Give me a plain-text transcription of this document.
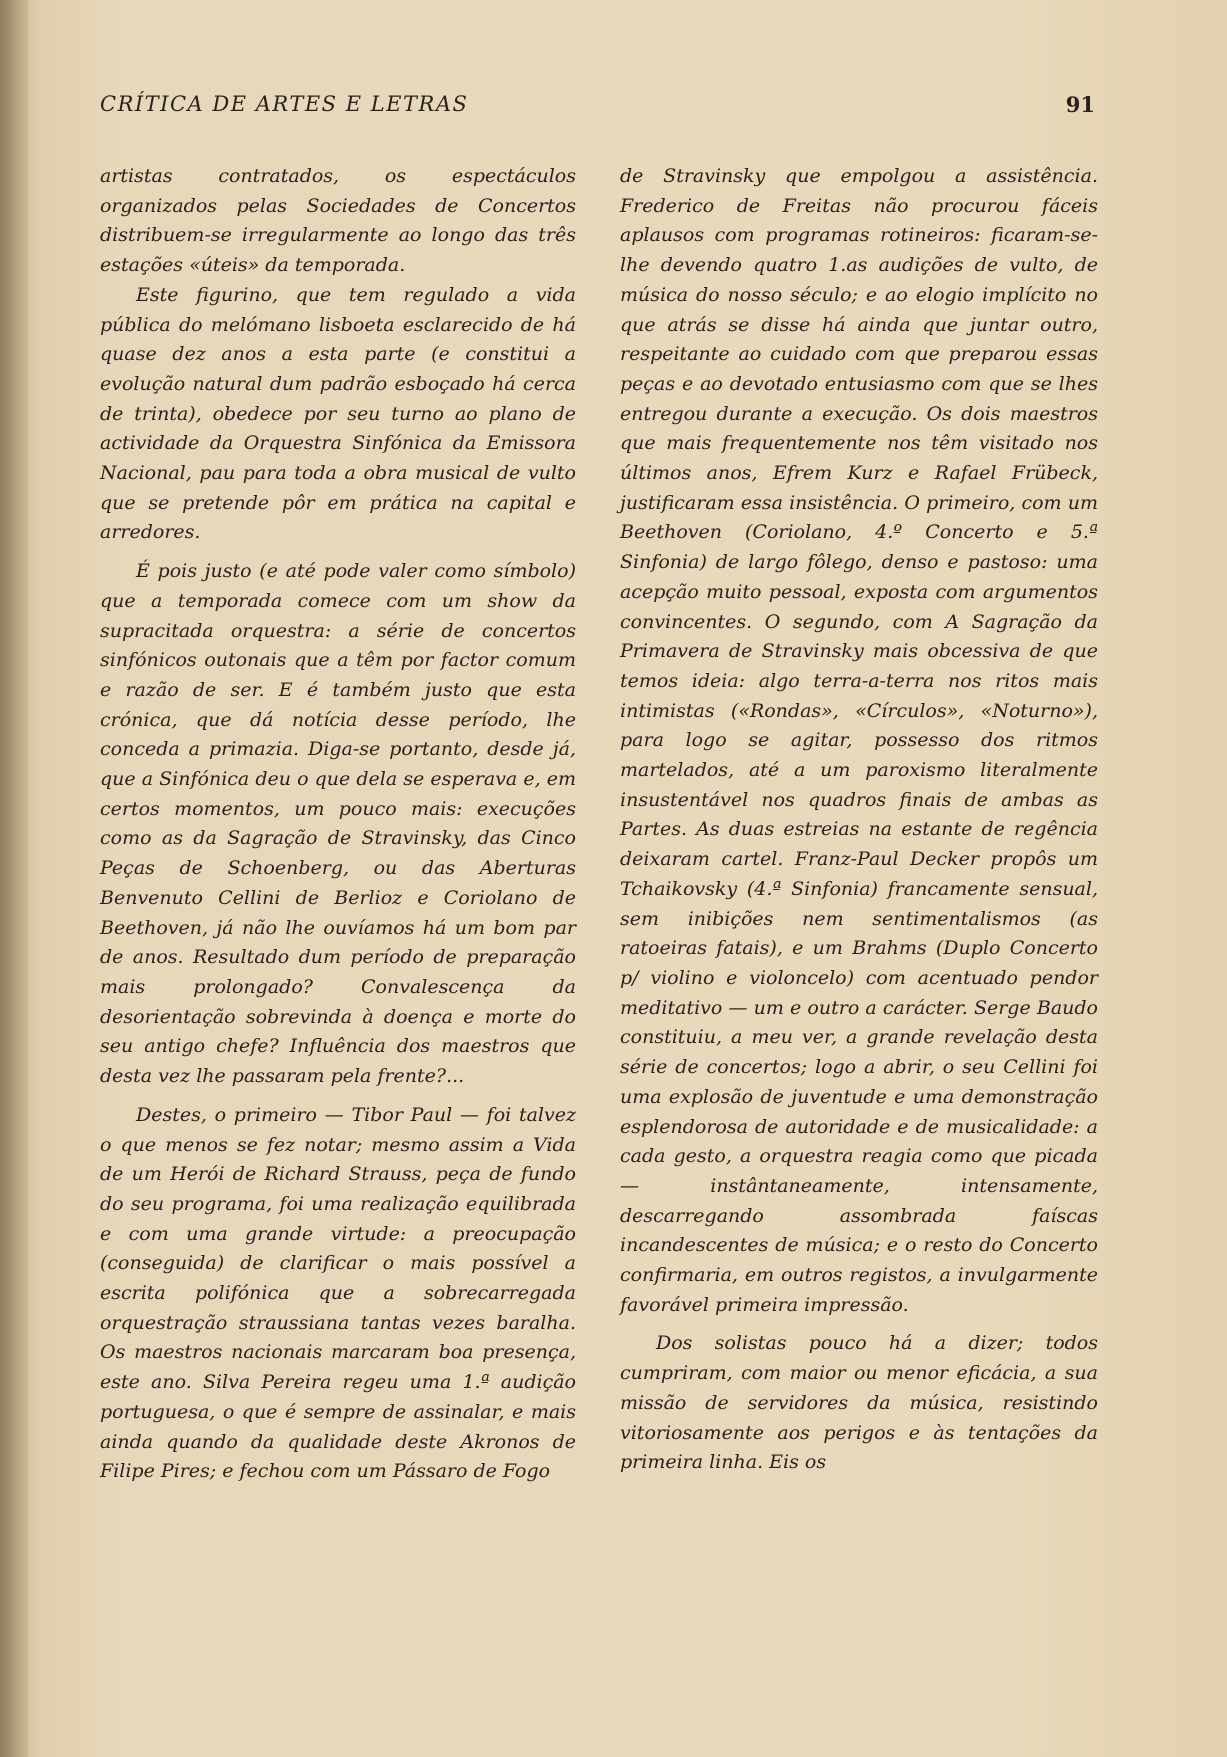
CRÍTICA DE ARTES E LETRAS	91

artistas contratados, os espectáculos organizados pelas Sociedades de Concertos distribuem-se irregularmente ao longo das três estações «úteis» da temporada.

Este figurino, que tem regulado a vida pública do melómano lisboeta esclarecido de há quase dez anos a esta parte (e constitui a evolução natural dum padrão esboçado há cerca de trinta), obedece por seu turno ao plano de actividade da Orquestra Sinfónica da Emissora Nacional, pau para toda a obra musical de vulto que se pretende pôr em prática na capital e arredores.

É pois justo (e até pode valer como símbolo) que a temporada comece com um show da supracitada orquestra: a série de concertos sinfónicos outonais que a têm por factor comum e razão de ser. E é também justo que esta crónica, que dá notícia desse período, lhe conceda a primazia. Diga-se portanto, desde já, que a Sinfónica deu o que dela se esperava e, em certos momentos, um pouco mais: execuções como as da Sagração de Stravinsky, das Cinco Peças de Schoenberg, ou das Aberturas Benvenuto Cellini de Berlioz e Coriolano de Beethoven, já não lhe ouvíamos há um bom par de anos. Resultado dum período de preparação mais prolongado? Convalescença da desorientação sobrevinda à doença e morte do seu antigo chefe? Influência dos maestros que desta vez lhe passaram pela frente?...

Destes, o primeiro — Tibor Paul — foi talvez o que menos se fez notar; mesmo assim a Vida de um Herói de Richard Strauss, peça de fundo do seu programa, foi uma realização equilibrada e com uma grande virtude: a preocupação (conseguida) de clarificar o mais possível a escrita polifónica que a sobrecarregada orquestração straussiana tantas vezes baralha. Os maestros nacionais marcaram boa presença, este ano. Silva Pereira regeu uma 1.ª audição portuguesa, o que é sempre de assinalar, e mais ainda quando da qualidade deste Akronos de Filipe Pires; e fechou com um Pássaro de Fogo

de Stravinsky que empolgou a assistência. Frederico de Freitas não procurou fáceis aplausos com programas rotineiros: ficaram-se-lhe devendo quatro 1.as audições de vulto, de música do nosso século; e ao elogio implícito no que atrás se disse há ainda que juntar outro, respeitante ao cuidado com que preparou essas peças e ao devotado entusiasmo com que se lhes entregou durante a execução. Os dois maestros que mais frequentemente nos têm visitado nos últimos anos, Efrem Kurz e Rafael Frübeck, justificaram essa insistência. O primeiro, com um Beethoven (Coriolano, 4.º Concerto e 5.ª Sinfonia) de largo fôlego, denso e pastoso: uma acepção muito pessoal, exposta com argumentos convincentes. O segundo, com A Sagração da Primavera de Stravinsky mais obcessiva de que temos ideia: algo terra-a-terra nos ritos mais intimistas («Rondas», «Círculos», «Noturno»), para logo se agitar, possesso dos ritmos martelados, até a um paroxismo literalmente insustentável nos quadros finais de ambas as Partes. As duas estreias na estante de regência deixaram cartel. Franz-Paul Decker propôs um Tchaikovsky (4.ª Sinfonia) francamente sensual, sem inibições nem sentimentalismos (as ratoeiras fatais), e um Brahms (Duplo Concerto p/ violino e violoncelo) com acentuado pendor meditativo — um e outro a carácter. Serge Baudo constituiu, a meu ver, a grande revelação desta série de concertos; logo a abrir, o seu Cellini foi uma explosão de juventude e uma demonstração esplendorosa de autoridade e de musicalidade: a cada gesto, a orquestra reagia como que picada — instântaneamente, intensamente, descarregando assombrada faíscas incandescentes de música; e o resto do Concerto confirmaria, em outros registos, a invulgarmente favorável primeira impressão.

Dos solistas pouco há a dizer; todos cumpriram, com maior ou menor eficácia, a sua missão de servidores da música, resistindo vitoriosamente aos perigos e às tentações da primeira linha. Eis os
